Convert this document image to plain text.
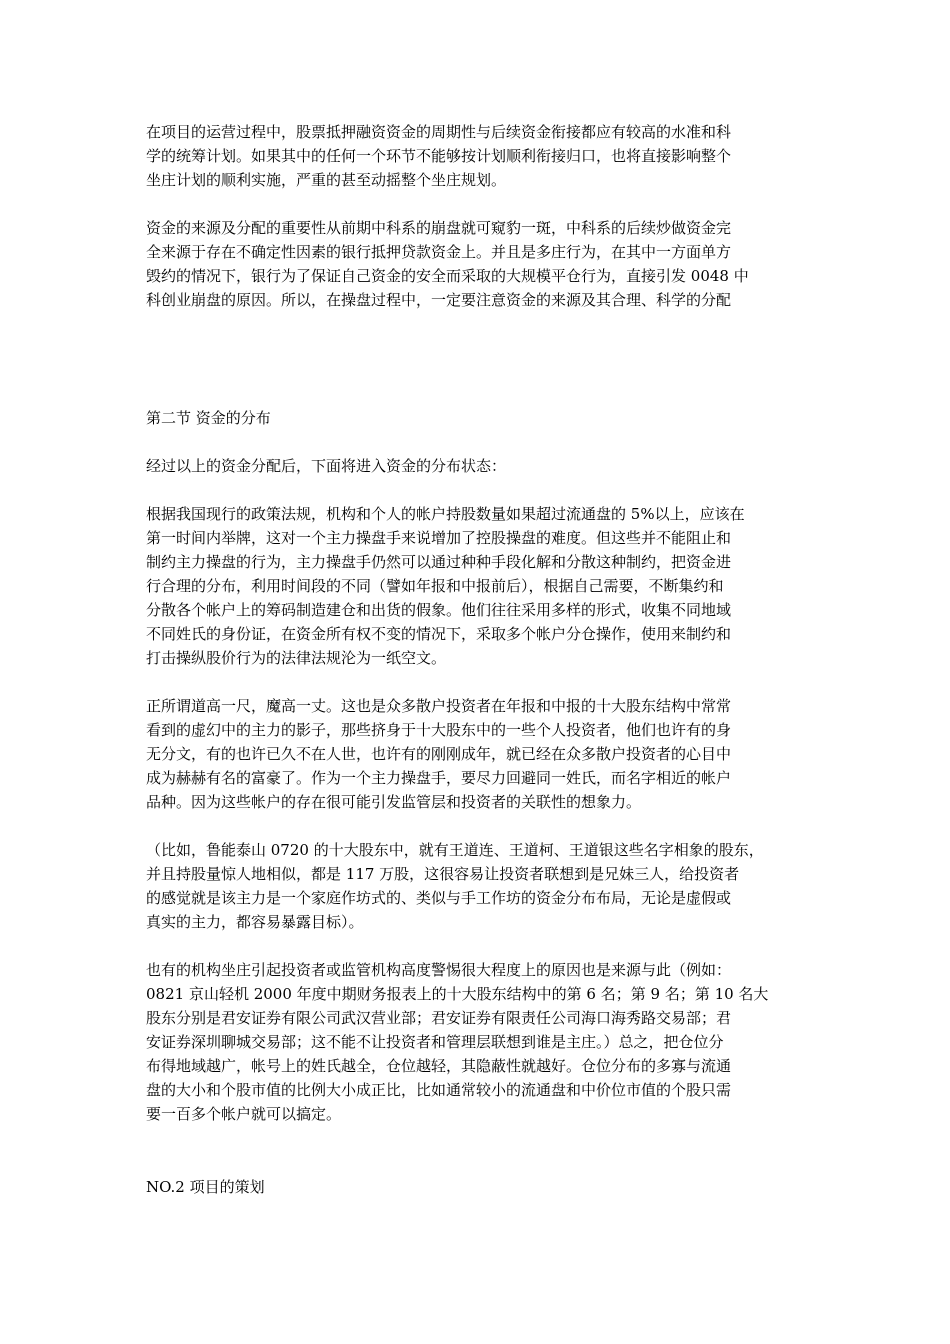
在项目的运营过程中，股票抵押融资资金的周期性与后续资金衔接都应有较高的水准和科
学的统筹计划。如果其中的任何一个环节不能够按计划顺利衔接归口，也将直接影响整个
坐庄计划的顺利实施，严重的甚至动摇整个坐庄规划。

资金的来源及分配的重要性从前期中科系的崩盘就可窥豹一斑，中科系的后续炒做资金完
全来源于存在不确定性因素的银行抵押贷款资金上。并且是多庄行为，在其中一方面单方
毁约的情况下，银行为了保证自己资金的安全而采取的大规模平仓行为，直接引发 0048 中
科创业崩盘的原因。所以，在操盘过程中，一定要注意资金的来源及其合理、科学的分配

第二节 资金的分布

经过以上的资金分配后，下面将进入资金的分布状态：

根据我国现行的政策法规，机构和个人的帐户持股数量如果超过流通盘的 5%以上，应该在
第一时间内举牌，这对一个主力操盘手来说增加了控股操盘的难度。但这些并不能阻止和
制约主力操盘的行为，主力操盘手仍然可以通过种种手段化解和分散这种制约，把资金进
行合理的分布，利用时间段的不同（譬如年报和中报前后），根据自己需要，不断集约和
分散各个帐户上的筹码制造建仓和出货的假象。他们往往采用多样的形式，收集不同地域
不同姓氏的身份证，在资金所有权不变的情况下，采取多个帐户分仓操作，使用来制约和
打击操纵股价行为的法律法规沦为一纸空文。

正所谓道高一尺，魔高一丈。这也是众多散户投资者在年报和中报的十大股东结构中常常
看到的虚幻中的主力的影子，那些挤身于十大股东中的一些个人投资者，他们也许有的身
无分文，有的也许已久不在人世，也许有的刚刚成年，就已经在众多散户投资者的心目中
成为赫赫有名的富豪了。作为一个主力操盘手，要尽力回避同一姓氏，而名字相近的帐户
品种。因为这些帐户的存在很可能引发监管层和投资者的关联性的想象力。

（比如，鲁能泰山 0720 的十大股东中，就有王道连、王道柯、王道银这些名字相象的股东，
并且持股量惊人地相似，都是 117 万股，这很容易让投资者联想到是兄妹三人，给投资者
的感觉就是该主力是一个家庭作坊式的、类似与手工作坊的资金分布布局，无论是虚假或
真实的主力，都容易暴露目标）。

也有的机构坐庄引起投资者或监管机构高度警惕很大程度上的原因也是来源与此（例如：
0821 京山轻机 2000 年度中期财务报表上的十大股东结构中的第 6 名；第 9 名；第 10 名大
股东分别是君安证券有限公司武汉营业部；君安证券有限责任公司海口海秀路交易部；君
安证券深圳聊城交易部；这不能不让投资者和管理层联想到谁是主庄。）总之，把仓位分
布得地域越广，帐号上的姓氏越全，仓位越轻，其隐蔽性就越好。仓位分布的多寡与流通
盘的大小和个股市值的比例大小成正比，比如通常较小的流通盘和中价位市值的个股只需
要一百多个帐户就可以搞定。

NO.2 项目的策划
